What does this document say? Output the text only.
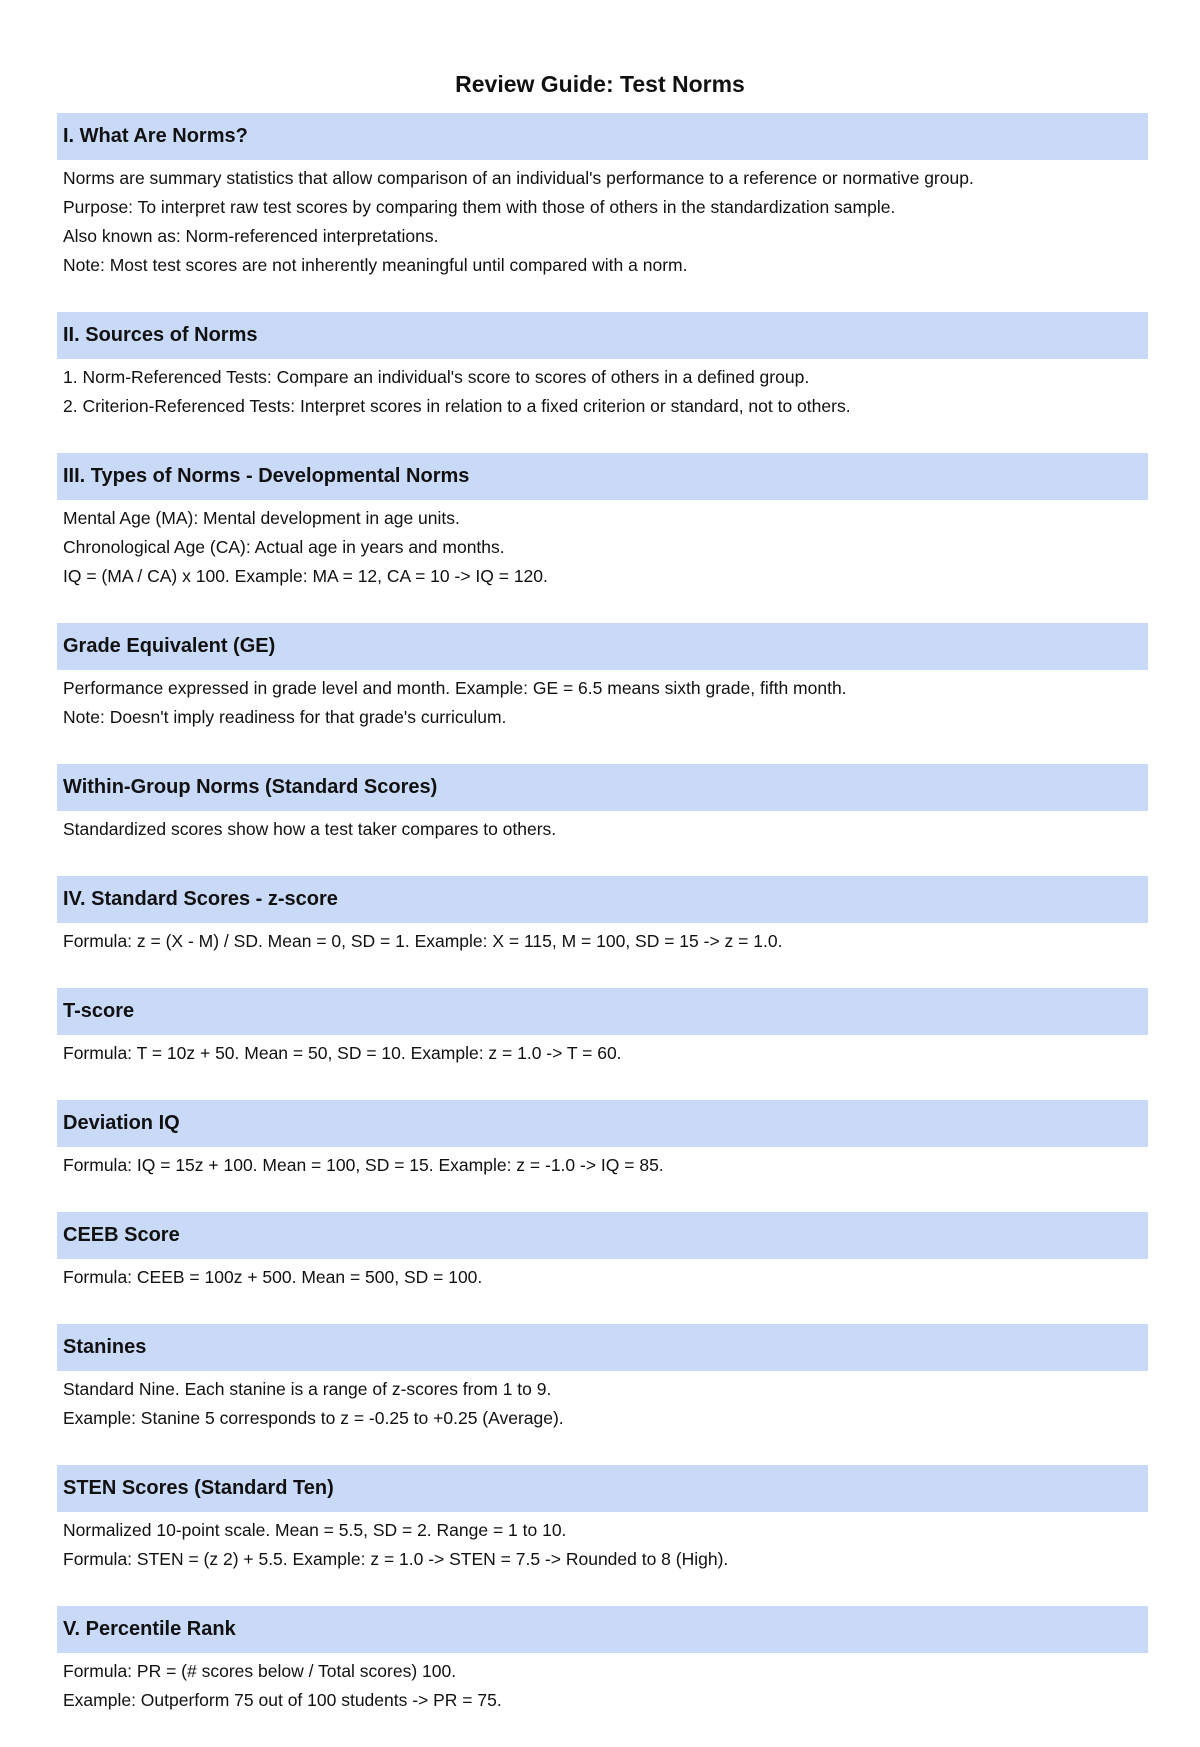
Review Guide: Test Norms
I. What Are Norms?

Norms are summary statistics that allow comparison of an individual's performance to a reference or normative group.

Purpose: To interpret raw test scores by comparing them with those of others in the standardization sample.

Also known as: Norm-referenced interpretations.

Note: Most test scores are not inherently meaningful until compared with a norm.

II. Sources of Norms

1. Norm-Referenced Tests: Compare an individual's score to scores of others in a defined group.

2. Criterion-Referenced Tests: Interpret scores in relation to a fixed criterion or standard, not to others.

III. Types of Norms - Developmental Norms

Mental Age (MA): Mental development in age units.

Chronological Age (CA): Actual age in years and months.

IQ = (MA / CA) x 100. Example: MA = 12, CA = 10 -> IQ = 120.

Grade Equivalent (GE)

Performance expressed in grade level and month. Example: GE = 6.5 means sixth grade, fifth month.

Note: Doesn't imply readiness for that grade's curriculum.

Within-Group Norms (Standard Scores)

Standardized scores show how a test taker compares to others.

IV. Standard Scores - z-score

Formula: z = (X - M) / SD. Mean = 0, SD = 1. Example: X = 115, M = 100, SD = 15 -> z = 1.0.

T-score

Formula: T = 10z + 50. Mean = 50, SD = 10. Example: z = 1.0 -> T = 60.

Deviation IQ

Formula: IQ = 15z + 100. Mean = 100, SD = 15. Example: z = -1.0 -> IQ = 85.

CEEB Score

Formula: CEEB = 100z + 500. Mean = 500, SD = 100.

Stanines

Standard Nine. Each stanine is a range of z-scores from 1 to 9.

Example: Stanine 5 corresponds to z = -0.25 to +0.25 (Average).

STEN Scores (Standard Ten)

Normalized 10-point scale. Mean = 5.5, SD = 2. Range = 1 to 10.

Formula: STEN = (z 2) + 5.5. Example: z = 1.0 -> STEN = 7.5 -> Rounded to 8 (High).

V. Percentile Rank

Formula: PR = (# scores below / Total scores) 100.

Example: Outperform 75 out of 100 students -> PR = 75.
